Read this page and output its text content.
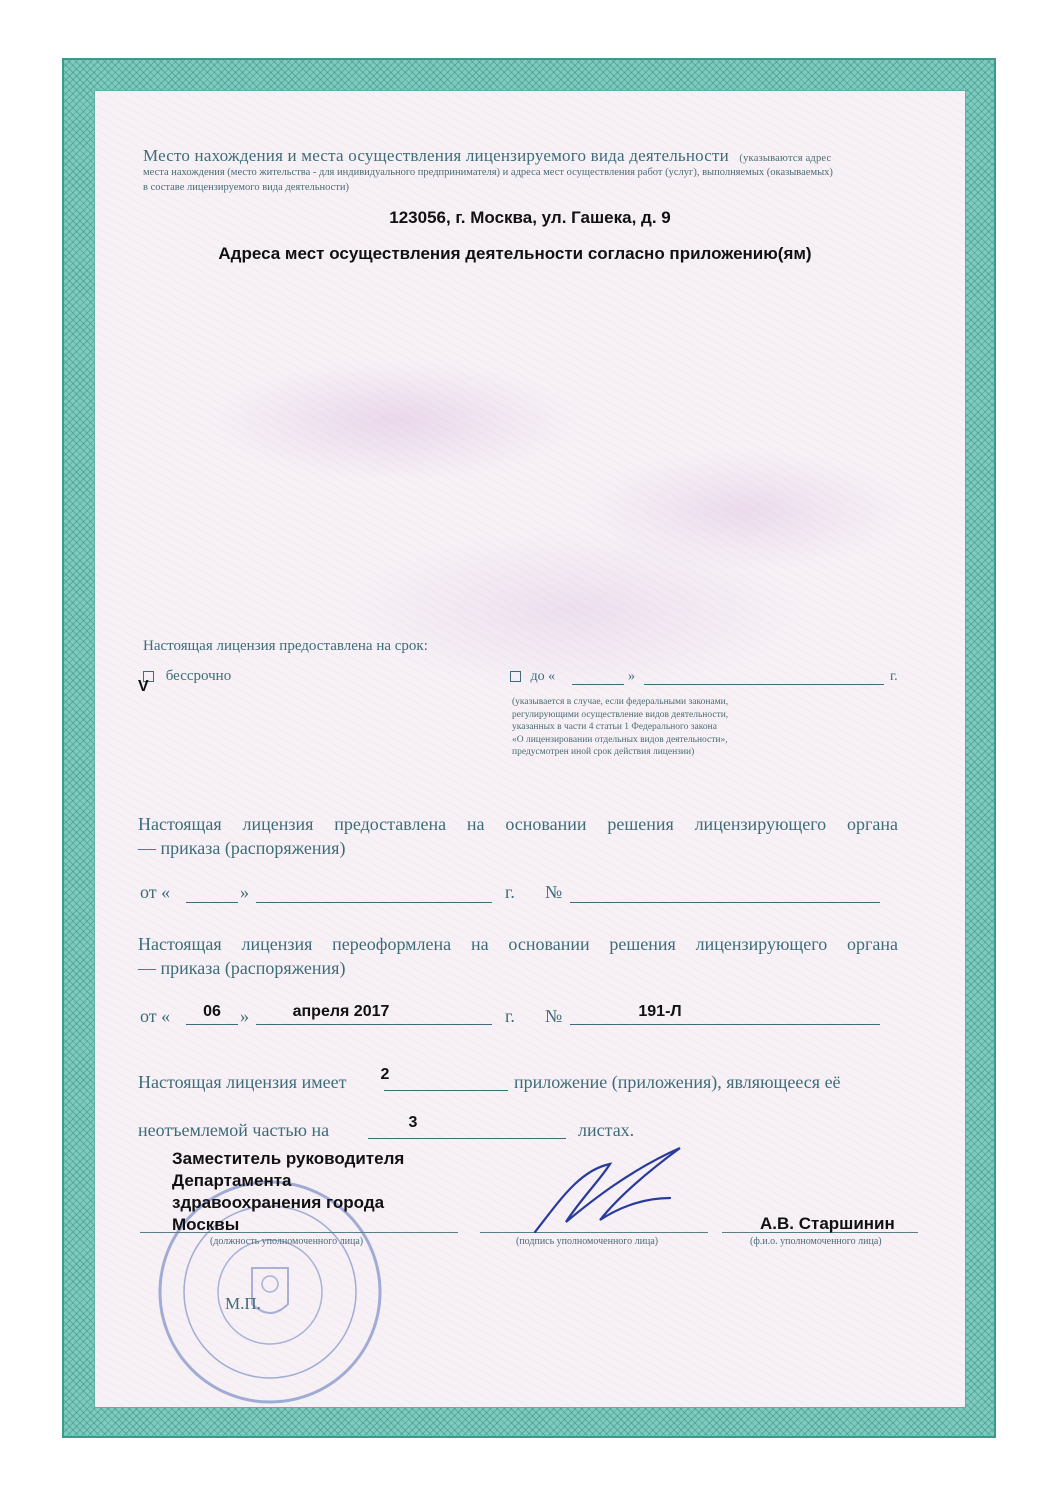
Место нахождения и места осуществления лицензируемого вида деятельности (указываются адрес
места нахождения (место жительства - для индивидуального предпринимателя) и адреса мест осуществления работ (услуг), выполняемых (оказываемых)
в составе лицензируемого вида деятельности)
123056, г. Москва, ул. Гашека, д. 9
Адреса мест осуществления деятельности согласно приложению(ям)
Настоящая лицензия предоставлена на срок:
бессрочно
V
до «	»	г.
(указывается в случае, если федеральными законами,
регулирующими осуществление видов деятельности,
указанных в части 4 статьи 1 Федерального закона
«О лицензировании отдельных видов деятельности»,
предусмотрен иной срок действия лицензии)
Настоящая лицензия предоставлена на основании решения лицензирующего органа
— приказа (распоряжения)
от «	»	г. №
Настоящая лицензия переоформлена на основании решения лицензирующего органа
— приказа (распоряжения)
от «	06	»	апреля 2017	г. №	191-Л
Настоящая лицензия имеет	2	приложение (приложения), являющееся её
неотъемлемой частью на	3	листах.
Заместитель руководителя
Департамента
здравоохранения города
Москвы
(должность уполномоченного лица)	(подпись уполномоченного лица)
А.В. Старшинин
(ф.и.о. уполномоченного лица)
М.П.
